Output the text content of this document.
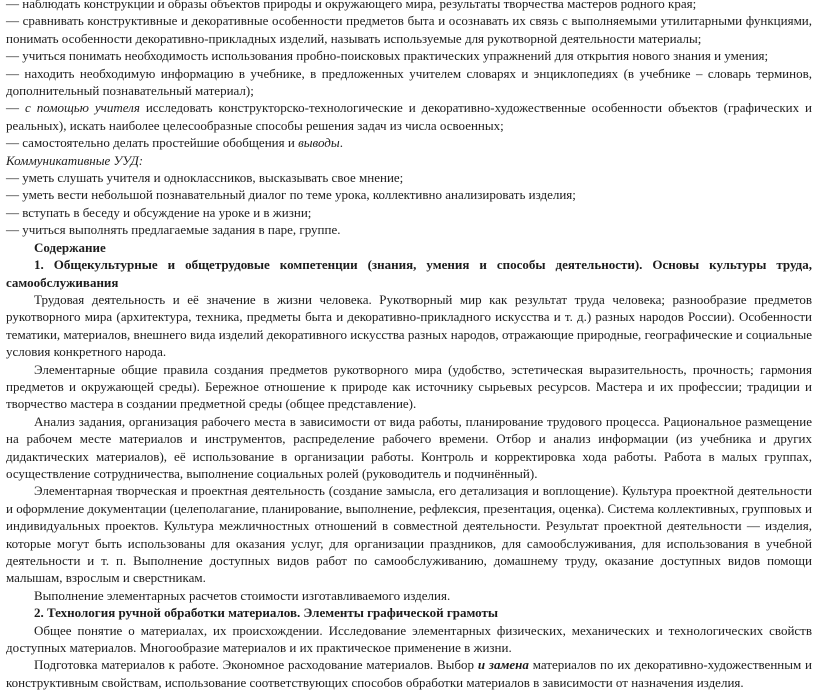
— наблюдать конструкции и образы объектов природы и окружающего мира, результаты творчества мастеров родного края;

— сравнивать конструктивные и декоративные особенности предметов быта и осознавать их связь с выполняемыми утилитарными функциями, понимать особенности декоративно-прикладных изделий, называть используемые для рукотворной деятельности материалы;

— учиться понимать необходимость использования пробно-поисковых практических упражнений для открытия нового знания и умения;

— находить необходимую информацию в учебнике, в предложенных учителем словарях и энциклопедиях (в учебнике – словарь терминов, дополнительный познавательный материал);

— с помощью учителя исследовать конструкторско-технологические и декоративно-художественные особенности объектов (графических и реальных), искать наиболее целесообразные способы решения задач из числа освоенных;

— самостоятельно делать простейшие обобщения и выводы.

Коммуникативные УУД:

— уметь слушать учителя и одноклассников, высказывать свое мнение;

— уметь вести небольшой познавательный диалог по теме урока, коллективно анализировать изделия;

— вступать в беседу и обсуждение на уроке и в жизни;

— учиться выполнять предлагаемые задания в паре, группе.

Содержание

1. Общекультурные и общетрудовые компетенции (знания, умения и способы деятельности). Основы культуры труда, самообслуживания

Трудовая деятельность и её значение в жизни человека. Рукотворный мир как результат труда человека; разнообразие предметов рукотворного мира (архитектура, техника, предметы быта и декоративно-прикладного искусства и т. д.) разных народов России). Особенности тематики, материалов, внешнего вида изделий декоративного искусства разных народов, отражающие природные, географические и социальные условия конкретного народа.

Элементарные общие правила создания предметов рукотворного мира (удобство, эстетическая выразительность, прочность; гармония предметов и окружающей среды). Бережное отношение к природе как источнику сырьевых ресурсов. Мастера и их профессии; традиции и творчество мастера в создании предметной среды (общее представление).

Анализ задания, организация рабочего места в зависимости от вида работы, планирование трудового процесса. Рациональное размещение на рабочем месте материалов и инструментов, распределение рабочего времени. Отбор и анализ информации (из учебника и других дидактических материалов), её использование в организации работы. Контроль и корректировка хода работы. Работа в малых группах, осуществление сотрудничества, выполнение социальных ролей (руководитель и подчинённый).

Элементарная творческая и проектная деятельность (создание замысла, его детализация и воплощение). Культура проектной деятельности и оформление документации (целеполагание, планирование, выполнение, рефлексия, презентация, оценка). Система коллективных, групповых и индивидуальных проектов. Культура межличностных отношений в совместной деятельности. Результат проектной деятельности — изделия, которые могут быть использованы для оказания услуг, для организации праздников, для самообслуживания, для использования в учебной деятельности и т. п. Выполнение доступных видов работ по самообслуживанию, домашнему труду, оказание доступных видов помощи малышам, взрослым и сверстникам.

Выполнение элементарных расчетов стоимости изготавливаемого изделия.

2. Технология ручной обработки материалов. Элементы графической грамоты

Общее понятие о материалах, их происхождении. Исследование элементарных физических, механических и технологических свойств доступных материалов. Многообразие материалов и их практическое применение в жизни.

Подготовка материалов к работе. Экономное расходование материалов. Выбор и замена материалов по их декоративно-художественным и конструктивным свойствам, использование соответствующих способов обработки материалов в зависимости от назначения изделия.
